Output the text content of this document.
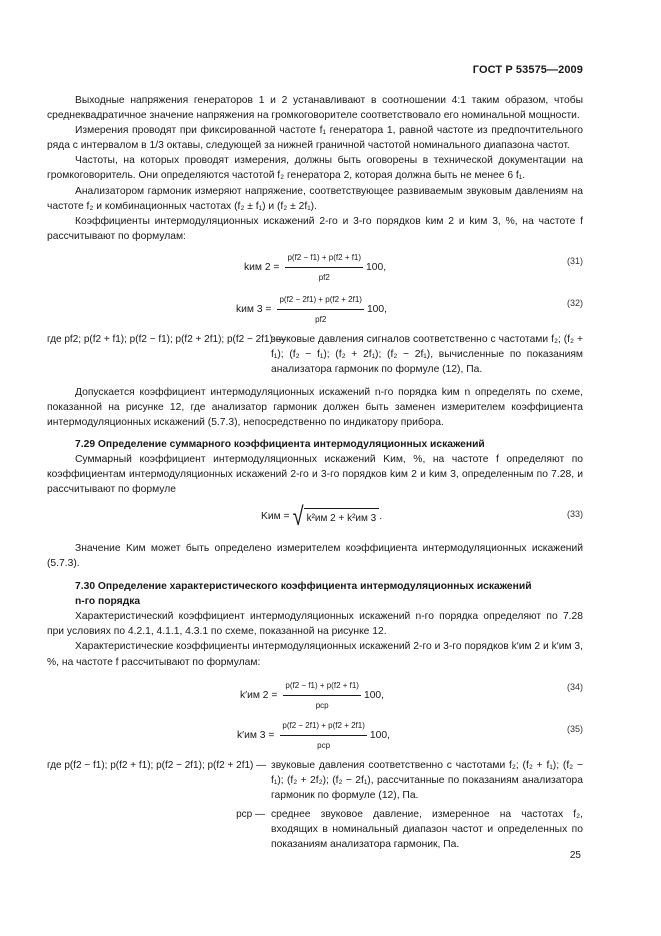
ГОСТ Р 53575—2009

Выходные напряжения генераторов 1 и 2 устанавливают в соотношении 4:1 таким образом, чтобы среднеквадратичное значение напряжения на громкоговорителе соответствовало его номинальной мощности.

Измерения проводят при фиксированной частоте f₁ генератора 1, равной частоте из предпочтительного ряда с интервалом в 1/3 октавы, следующей за нижней граничной частотой номинального диапазона частот.

Частоты, на которых проводят измерения, должны быть оговорены в технической документации на громкоговоритель. Они определяются частотой f₂ генератора 2, которая должна быть не менее 6 f₁.

Анализатором гармоник измеряют напряжение, соответствующее развиваемым звуковым давлениям на частоте f₂ и комбинационных частотах (f₂ ± f₁) и (f₂ ± 2f₁).

Коэффициенты интермодуляционных искажений 2-го и 3-го порядков kим 2 и kим 3, %, на частоте f рассчитывают по формулам:

kим $2 = \frac{p(f2 - f1) + p(f2 + f1)}{pf2} 100$,
(31)
kим $3 = \frac{p(f2 - 2f1) + p(f2 + 2f1)}{pf2} 100$,
(32)
где pf2; p(f2 + f1); p(f2 − f1); p(f2 + 2f1); p(f2 − 2f1) —
звуковые давления сигналов соответственно с частотами f₂; (f₂ + f₁); (f₂ − f₁); (f₂ + 2f₁); (f₂ − 2f₁), вычисленные по показаниям анализатора гармоник по формуле (12), Па.

Допускается коэффициент интермодуляционных искажений n-го порядка kим n определять по схеме, показанной на рисунке 12, где анализатор гармоник должен быть заменен измерителем коэффициента интермодуляционных искажений (5.7.3), непосредственно по индикатору прибора.

7.29 Определение суммарного коэффициента интермодуляционных искажений

Суммарный коэффициент интермодуляционных искажений Kим, %, на частоте f определяют по коэффициентам интермодуляционных искажений 2-го и 3-го порядков kим 2 и kим 3, определенным по 7.28, и рассчитывают по формуле

Kим = √ k²им 2 + k²им 3 .	(33)

Значение Kим может быть определено измерителем коэффициента интермодуляционных искажений (5.7.3).

7.30 Определение характеристического коэффициента интермодуляционных искажений
n-го порядка

Характеристический коэффициент интермодуляционных искажений n-го порядка определяют по 7.28 при условиях по 4.2.1, 4.1.1, 4.3.1 по схеме, показанной на рисунке 12.

Характеристические коэффициенты интермодуляционных искажений 2-го и 3-го порядков k′им 2 и k′им 3, %, на частоте f рассчитывают по формулам:

k′им $2 = \frac{p(f2 - f1) + p(f2 + f1)}{\text{pср}} 100$,
(34)
k′им $3 = \frac{p(f2 - 2f1) + p(f2 + 2f1)}{\text{pср}} 100$,
(35)
где p(f2 − f1); p(f2 + f1); p(f2 − 2f1); p(f2 + 2f1) — звуковые давления соответственно с частотами f₂; (f₂ + f₁); (f₂ − f₁); (f₂ + 2f₂); (f₂ − 2f₁), рассчитанные по показаниям анализатора гармоник по формуле (12), Па.
pср — среднее звуковое давление, измеренное на частотах f₂, входящих в номинальный диапазон частот и определенных по показаниям анализатора гармоник, Па.
25
